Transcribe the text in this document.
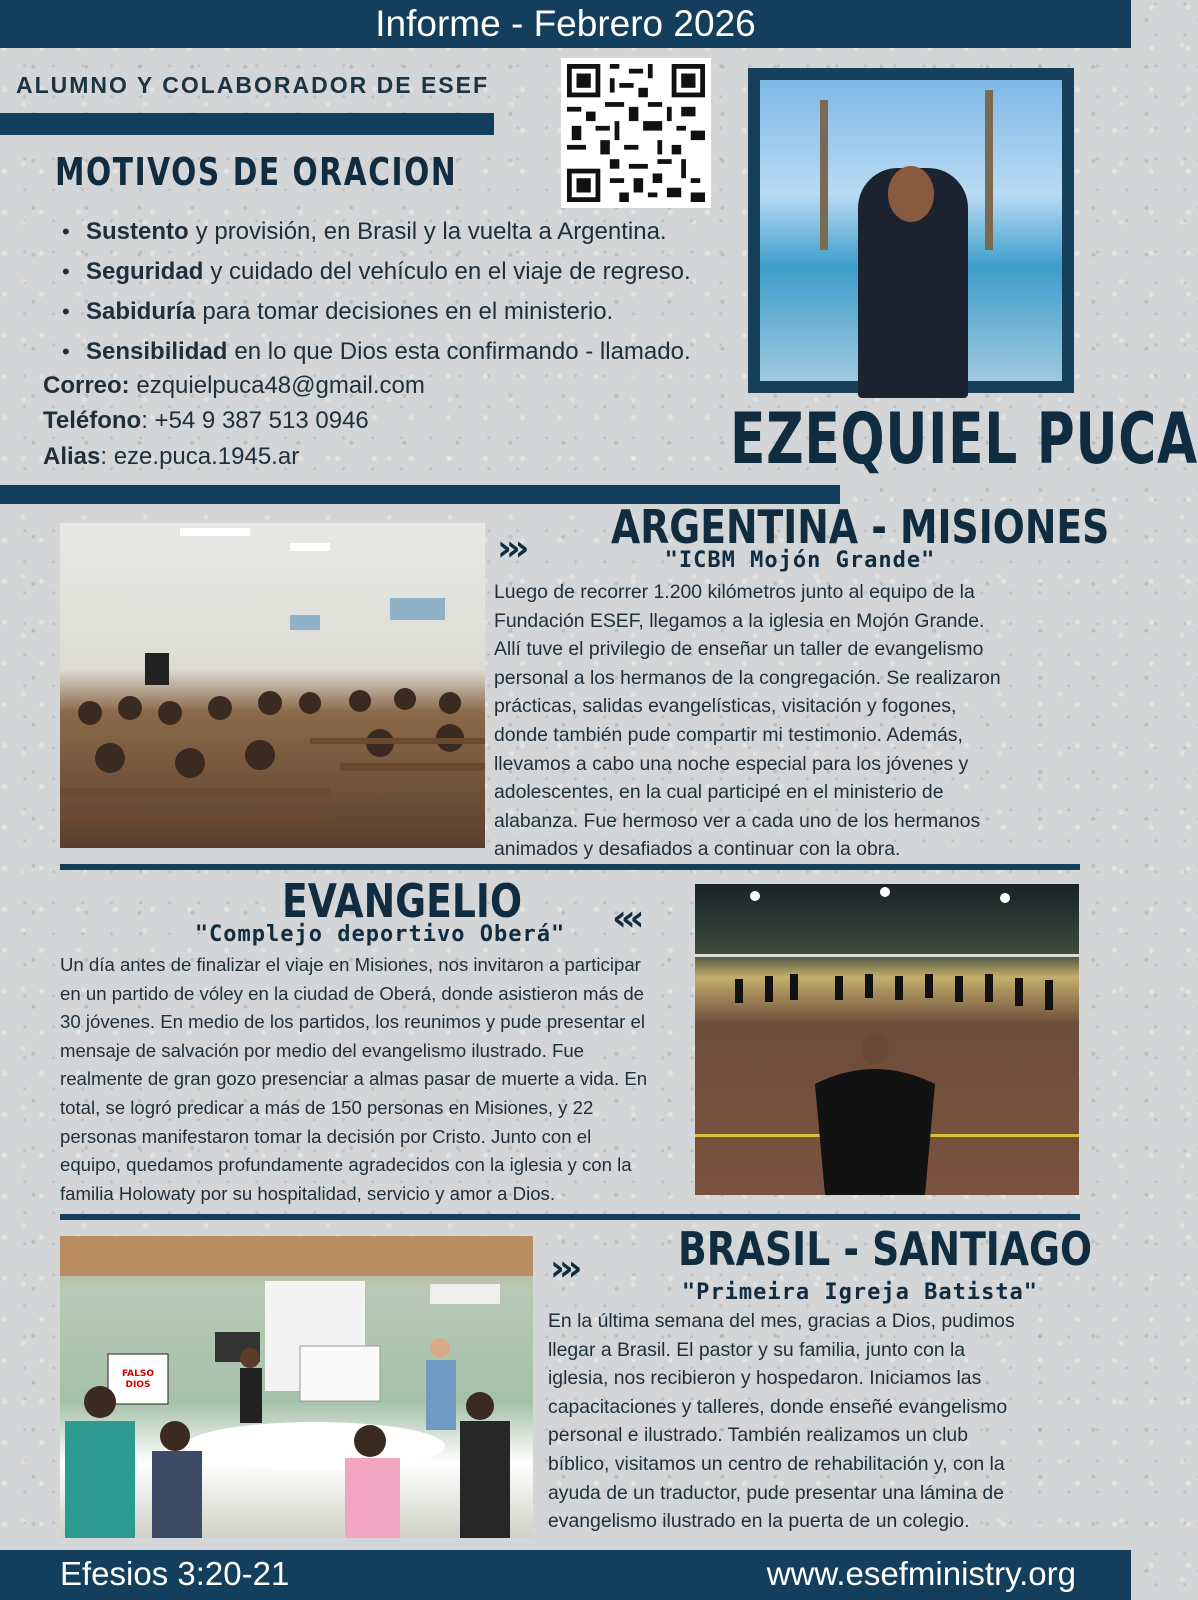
Informe - Febrero 2026
ALUMNO Y COLABORADOR DE ESEF
MOTIVOS DE ORACION
• Sustento y provisión, en Brasil y la vuelta a Argentina.
• Seguridad y cuidado del vehículo en el viaje de regreso.
• Sabiduría para tomar decisiones en el ministerio.
• Sensibilidad en lo que Dios esta confirmando - llamado.
Correo: ezquielpuca48@gmail.com
Teléfono: +54 9 387 513 0946
Alias: eze.puca.1945.ar	EZEQUIEL PUCA
››› ARGENTINA - MISIONES
"ICBM Mojón Grande"
Luego de recorrer 1.200 kilómetros junto al equipo de la
Fundación ESEF, llegamos a la iglesia en Mojón Grande.
Allí tuve el privilegio de enseñar un taller de evangelismo
personal a los hermanos de la congregación. Se realizaron
prácticas, salidas evangelísticas, visitación y fogones,
donde también pude compartir mi testimonio. Además,
llevamos a cabo una noche especial para los jóvenes y
adolescentes, en la cual participé en el ministerio de
alabanza. Fue hermoso ver a cada uno de los hermanos
animados y desafiados a continuar con la obra.
EVANGELIO
"Complejo deportivo Oberá" ‹‹‹
Un día antes de finalizar el viaje en Misiones, nos invitaron a participar
en un partido de vóley en la ciudad de Oberá, donde asistieron más de
30 jóvenes. En medio de los partidos, los reunimos y pude presentar el
mensaje de salvación por medio del evangelismo ilustrado. Fue
realmente de gran gozo presenciar a almas pasar de muerte a vida. En
total, se logró predicar a más de 150 personas en Misiones, y 22
personas manifestaron tomar la decisión por Cristo. Junto con el
equipo, quedamos profundamente agradecidos con la iglesia y con la
familia Holowaty por su hospitalidad, servicio y amor a Dios.
FALSO DIOS
››› BRASIL - SANTIAGO
"Primeira Igreja Batista"
En la última semana del mes, gracias a Dios, pudimos
llegar a Brasil. El pastor y su familia, junto con la
iglesia, nos recibieron y hospedaron. Iniciamos las
capacitaciones y talleres, donde enseñé evangelismo
personal e ilustrado. También realizamos un club
bíblico, visitamos un centro de rehabilitación y, con la
ayuda de un traductor, pude presentar una lámina de
evangelismo ilustrado en la puerta de un colegio.
Efesios 3:20-21	www.esefministry.org
